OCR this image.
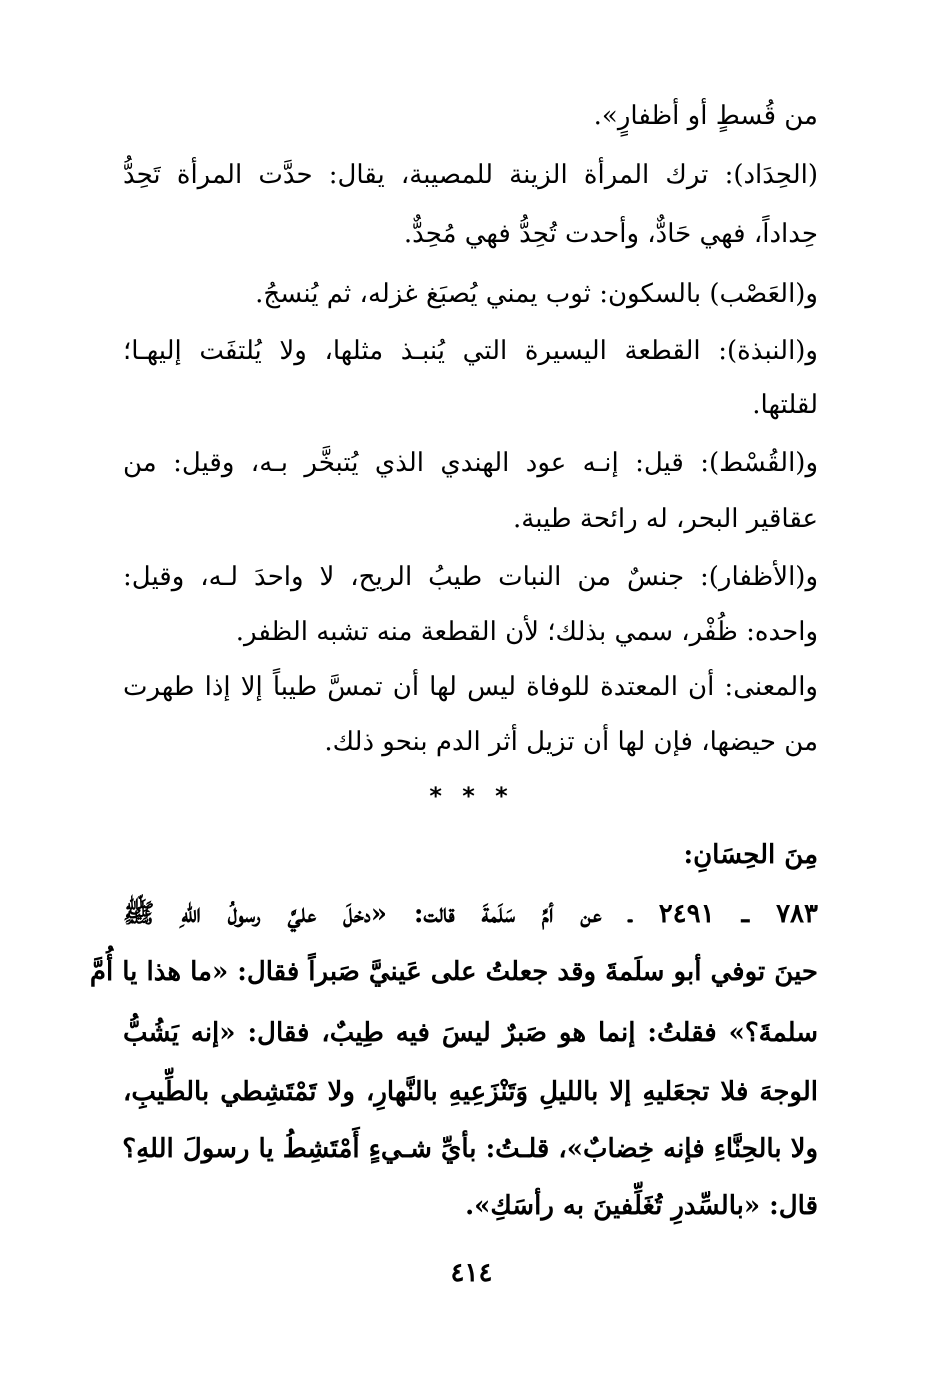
من قُسطٍ أو أظفارٍ».
(الحِدَاد): ترك المرأة الزينة للمصيبة، يقال: حدَّت المرأة تَحِدُّ
حِداداً، فهي حَادٌّ، وأحدت تُحِدُّ فهي مُحِدٌّ.
و(العَصْب) بالسكون: ثوب يمني يُصبَغ غزله، ثم يُنسجُ.
و(النبذة): القطعة اليسيرة التي يُنبـذ مثلها، ولا يُلتفَت إليهـا؛
لقلتها.
و(القُسْط): قيل: إنـه عود الهندي الذي يُتبخَّر بـه، وقيل: من
عقاقير البحر، له رائحة طيبة.
و(الأظفار): جنسٌ من النبات طيبُ الريح، لا واحدَ لـه، وقيل:
واحده: ظُفْر، سمي بذلك؛ لأن القطعة منه تشبه الظفر.
والمعنى: أن المعتدة للوفاة ليس لها أن تمسَّ طيباً إلا إذا طهرت
من حيضها، فإن لها أن تزيل أثر الدم بنحو ذلك.
* * *
مِنَ الحِسَانِ:
٧٨٣ ـ ٢٤٩١ ـ عن أمِّ سَلَمةَ قالت: «دخلَ عليَّ رسولُ اللهِ ﷺ
حينَ توفي أبو سلَمةَ وقد جعلتُ على عَينيَّ صَبراً فقال: «ما هذا يا أُمَّ
سلمةَ؟» فقلتُ: إنما هو صَبرٌ ليسَ فيه طِيبٌ، فقال: «إنه يَشُبُّ
الوجهَ فلا تجعَليهِ إلا بالليلِ وَتَنْزَعِيهِ بالنَّهارِ، ولا تَمْتَشِطي بالطِّيبِ،
ولا بالحِنَّاءِ فإنه خِضابٌ»، قلـتُ: بأيِّ شـيءٍ أَمْتَشِطُ يا رسولَ اللهِ؟
قال: «بالسِّدرِ تُغَلِّفينَ به رأسَكِ».
٤١٤
